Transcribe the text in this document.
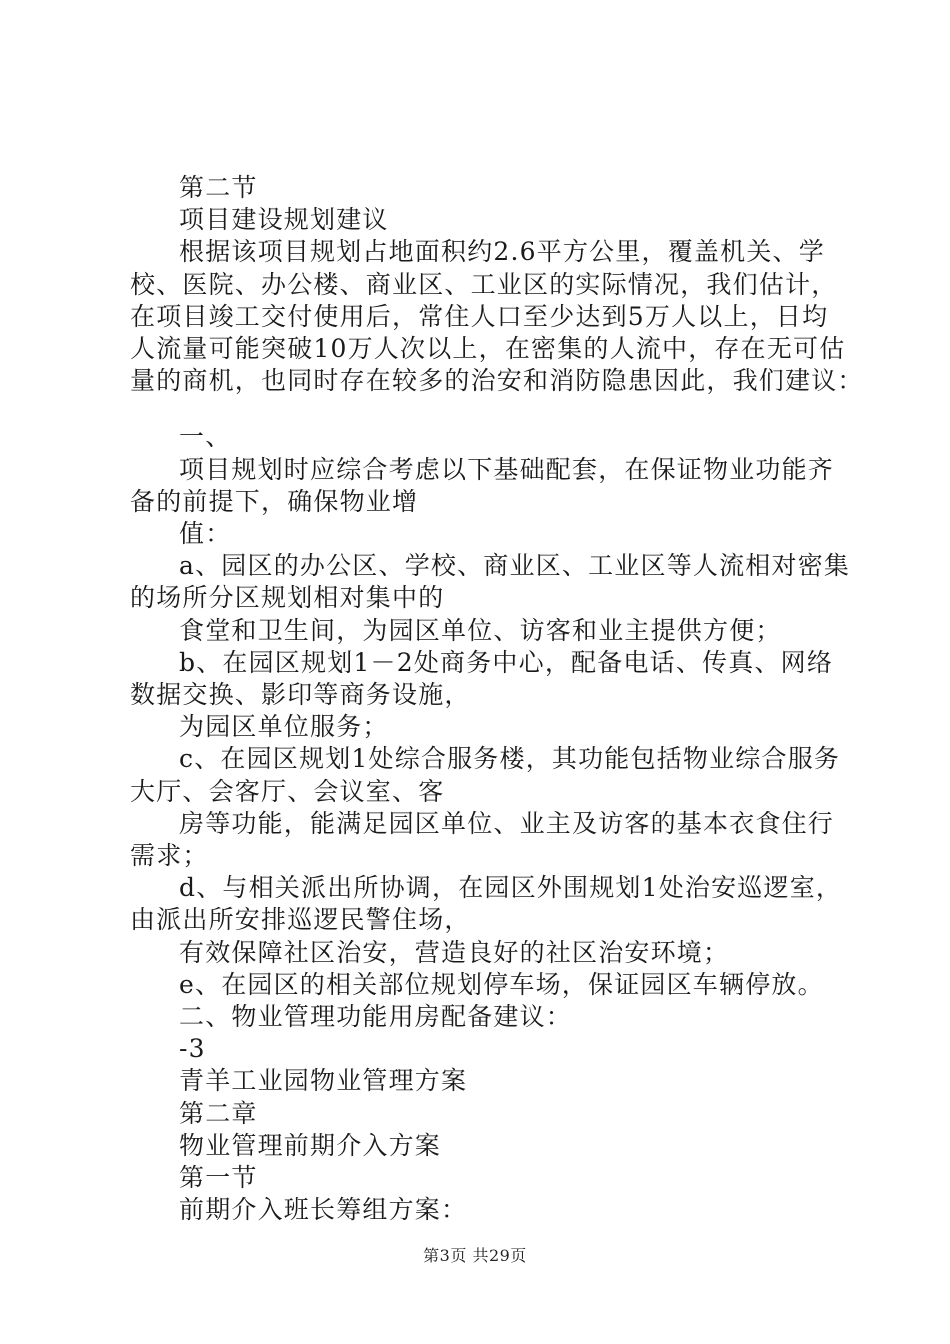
第二节
项目建设规划建议
根据该项目规划占地面积约2.6平方公里，覆盖机关、学
校、医院、办公楼、商业区、工业区的实际情况，我们估计，
在项目竣工交付使用后，常住人口至少达到5万人以上，日均
人流量可能突破10万人次以上，在密集的人流中，存在无可估
量的商机，也同时存在较多的治安和消防隐患因此，我们建议：
一、
项目规划时应综合考虑以下基础配套，在保证物业功能齐
备的前提下，确保物业增
值：
a、园区的办公区、学校、商业区、工业区等人流相对密集
的场所分区规划相对集中的
食堂和卫生间，为园区单位、访客和业主提供方便；
b、在园区规划1－2处商务中心，配备电话、传真、网络
数据交换、影印等商务设施，
为园区单位服务；
c、在园区规划1处综合服务楼，其功能包括物业综合服务
大厅、会客厅、会议室、客
房等功能，能满足园区单位、业主及访客的基本衣食住行
需求；
d、与相关派出所协调，在园区外围规划1处治安巡逻室，
由派出所安排巡逻民警住场，
有效保障社区治安，营造良好的社区治安环境；
e、在园区的相关部位规划停车场，保证园区车辆停放。
二、物业管理功能用房配备建议：
-3
青羊工业园物业管理方案
第二章
物业管理前期介入方案
第一节
前期介入班长筹组方案：
第3页 共29页
